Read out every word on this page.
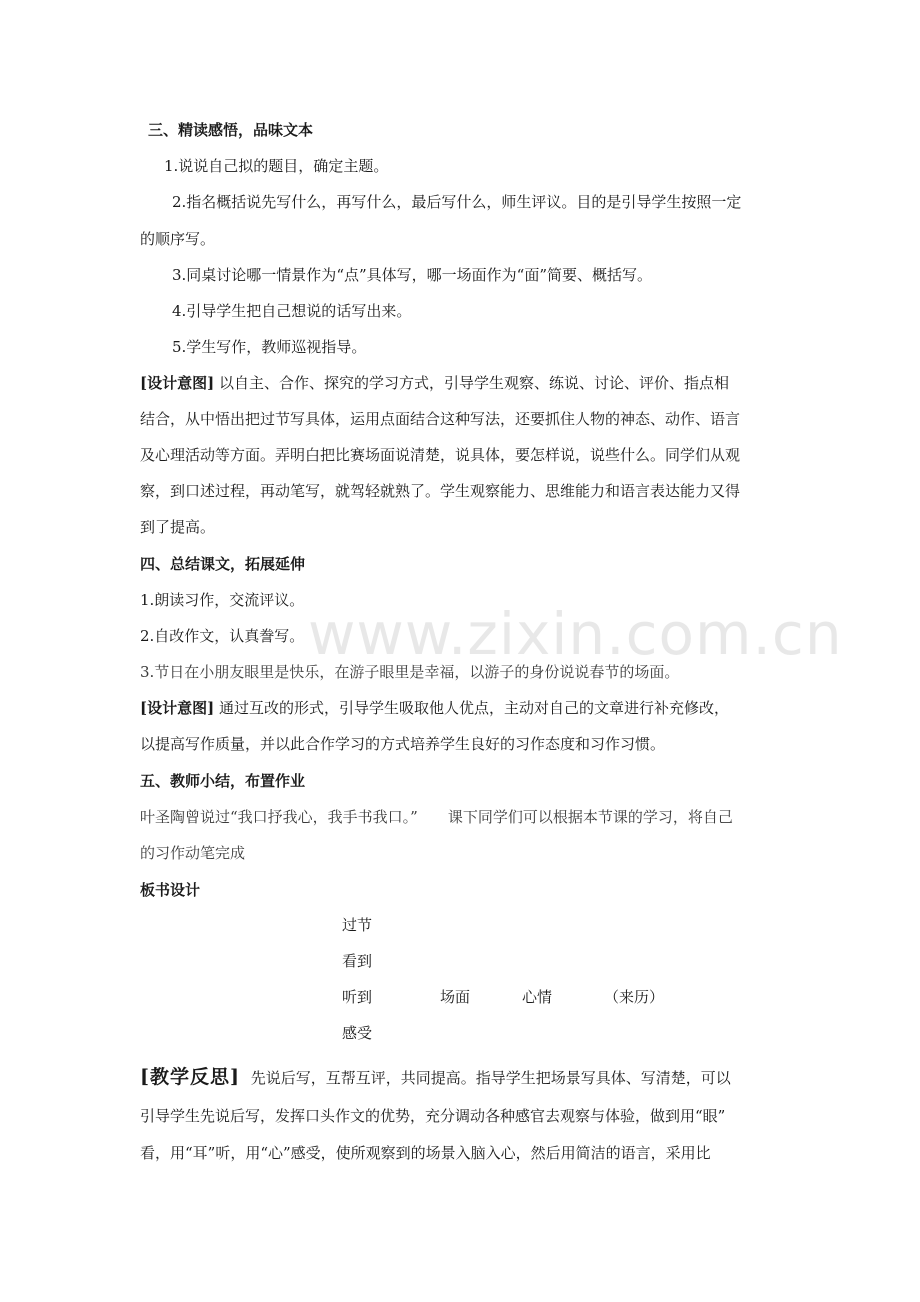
www.zixin.com.cn
三、精读感悟，品味文本
1.说说自己拟的题目，确定主题。
2.指名概括说先写什么，再写什么，最后写什么，师生评议。目的是引导学生按照一定
的顺序写。
3.同桌讨论哪一情景作为“点”具体写，哪一场面作为“面”简要、概括写。
4.引导学生把自己想说的话写出来。
5.学生写作，教师巡视指导。
[设计意图] 以自主、合作、探究的学习方式，引导学生观察、练说、讨论、评价、指点相
结合，从中悟出把过节写具体，运用点面结合这种写法，还要抓住人物的神态、动作、语言
及心理活动等方面。弄明白把比赛场面说清楚，说具体，要怎样说，说些什么。同学们从观
察，到口述过程，再动笔写，就驾轻就熟了。学生观察能力、思维能力和语言表达能力又得
到了提高。
四、总结课文，拓展延伸
1.朗读习作，交流评议。
2.自改作文，认真誊写。
3.节日在小朋友眼里是快乐，在游子眼里是幸福，以游子的身份说说春节的场面。
[设计意图] 通过互改的形式，引导学生吸取他人优点，主动对自己的文章进行补充修改，
以提高写作质量，并以此合作学习的方式培养学生良好的习作态度和习作习惯。
五、教师小结，布置作业
叶圣陶曾说过“我口抒我心，我手书我口。” 课下同学们可以根据本节课的学习，将自己
的习作动笔完成
板书设计
过节
看到
听到	场面	心情	（来历）
感受
[教学反思] 先说后写，互帮互评，共同提高。指导学生把场景写具体、写清楚，可以
引导学生先说后写，发挥口头作文的优势，充分调动各种感官去观察与体验，做到用“眼”
看，用“耳”听，用“心”感受，使所观察到的场景入脑入心，然后用简洁的语言，采用比
